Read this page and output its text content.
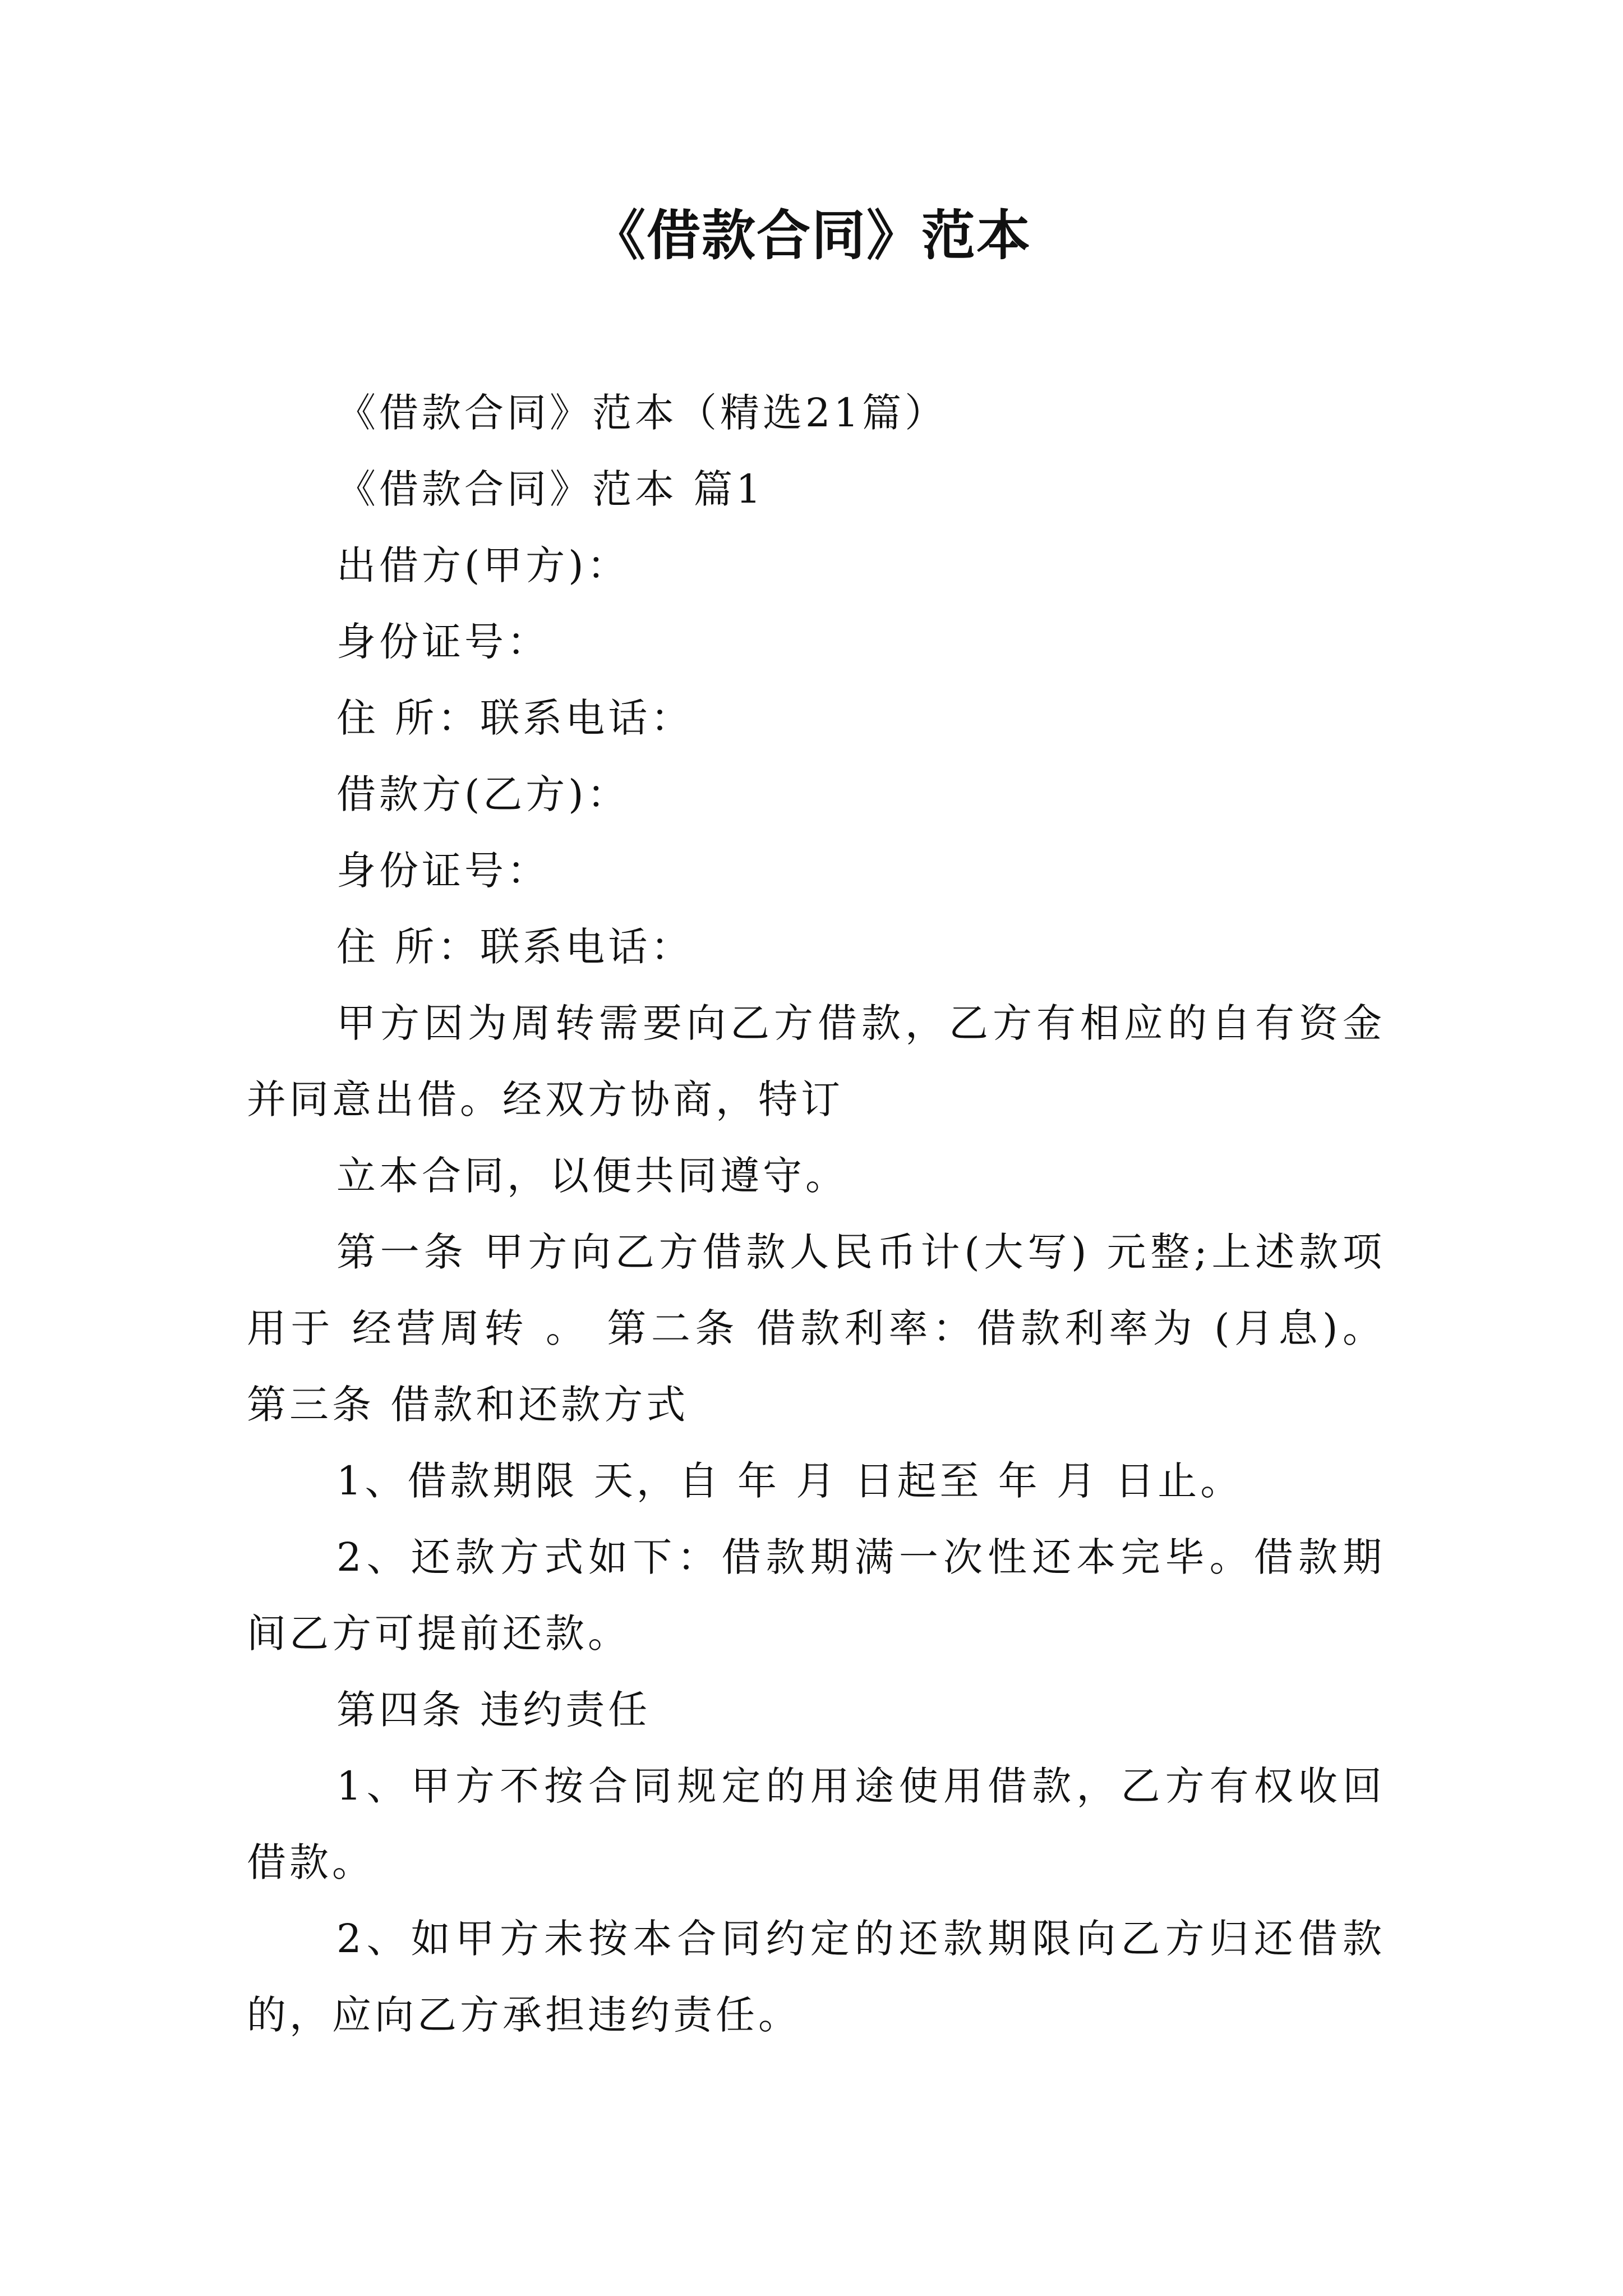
《借款合同》范本

《借款合同》范本（精选21篇）

《借款合同》范本 篇1

出借方(甲方)：

身份证号：

住 所：联系电话：

借款方(乙方)：

身份证号：

住 所：联系电话：

甲方因为周转需要向乙方借款，乙方有相应的自有资金并同意出借。经双方协商，特订

立本合同，以便共同遵守。

第一条 甲方向乙方借款人民币计(大写) 元整;上述款项用于 经营周转 。 第二条 借款利率：借款利率为 (月息)。 第三条 借款和还款方式

1、借款期限 天，自 年 月 日起至 年 月 日止。

2、还款方式如下：借款期满一次性还本完毕。借款期间乙方可提前还款。

第四条 违约责任

1、甲方不按合同规定的用途使用借款，乙方有权收回借款。

2、如甲方未按本合同约定的还款期限向乙方归还借款的，应向乙方承担违约责任。
